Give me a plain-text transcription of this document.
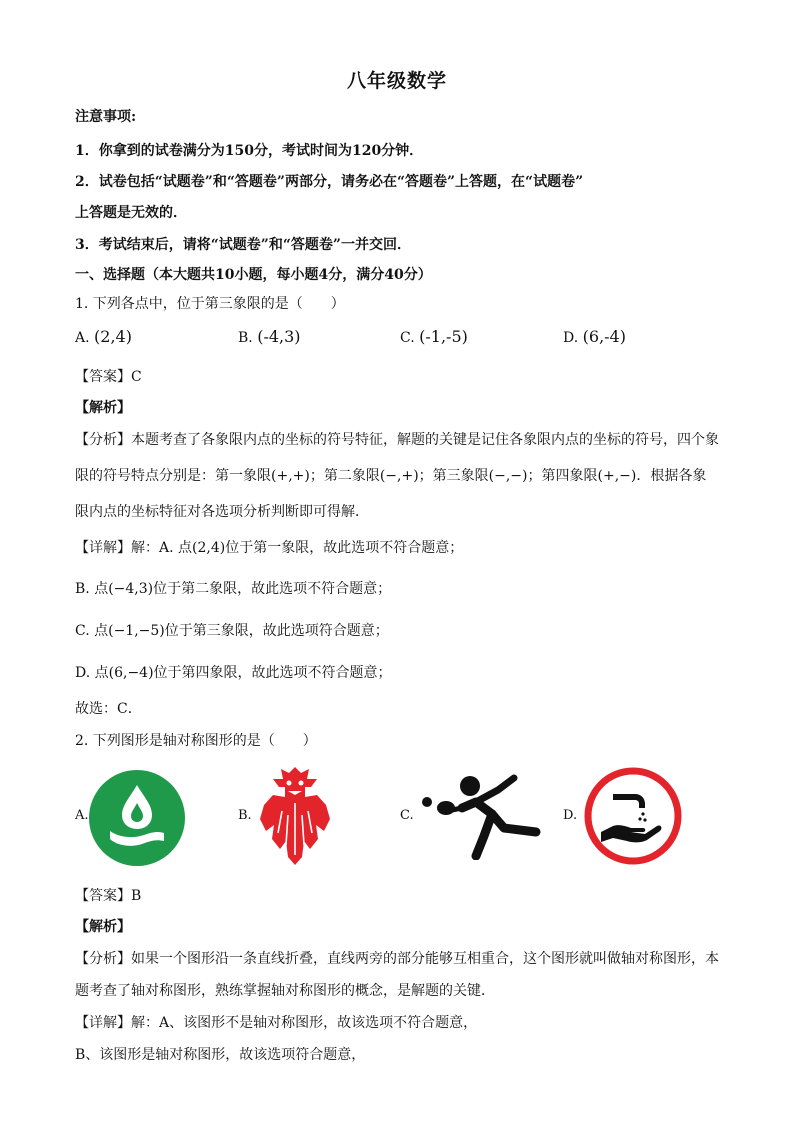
八年级数学
注意事项:
1．你拿到的试卷满分为150分，考试时间为120分钟．
2．试卷包括“试题卷”和“答题卷”两部分，请务必在“答题卷”上答题，在“试题卷”
上答题是无效的．
3．考试结束后，请将“试题卷”和“答题卷”一并交回．
一、选择题（本大题共10小题，每小题4分，满分40分）
1. 下列各点中，位于第三象限的是（　　）
A. (2,4)	B. (-4,3)	C. (-1,-5)	D. (6,-4)
【答案】C
【解析】
【分析】本题考查了各象限内点的坐标的符号特征，解题的关键是记住各象限内点的坐标的符号，四个象
限的符号特点分别是：第一象限(+,+)；第二象限(−,+)；第三象限(−,−)；第四象限(+,−)．根据各象
限内点的坐标特征对各选项分析判断即可得解．
【详解】解：A. 点(2,4)位于第一象限，故此选项不符合题意；
B. 点(−4,3)位于第二象限，故此选项不符合题意；
C. 点(−1,−5)位于第三象限，故此选项符合题意；
D. 点(6,−4)位于第四象限，故此选项不符合题意；
故选：C．
2. 下列图形是轴对称图形的是（　　）
A.	B.	C.	D.
【答案】B
【解析】
【分析】如果一个图形沿一条直线折叠，直线两旁的部分能够互相重合，这个图形就叫做轴对称图形，本
题考查了轴对称图形，熟练掌握轴对称图形的概念，是解题的关键．
【详解】解：A、该图形不是轴对称图形，故该选项不符合题意，
B、该图形是轴对称图形，故该选项符合题意，
